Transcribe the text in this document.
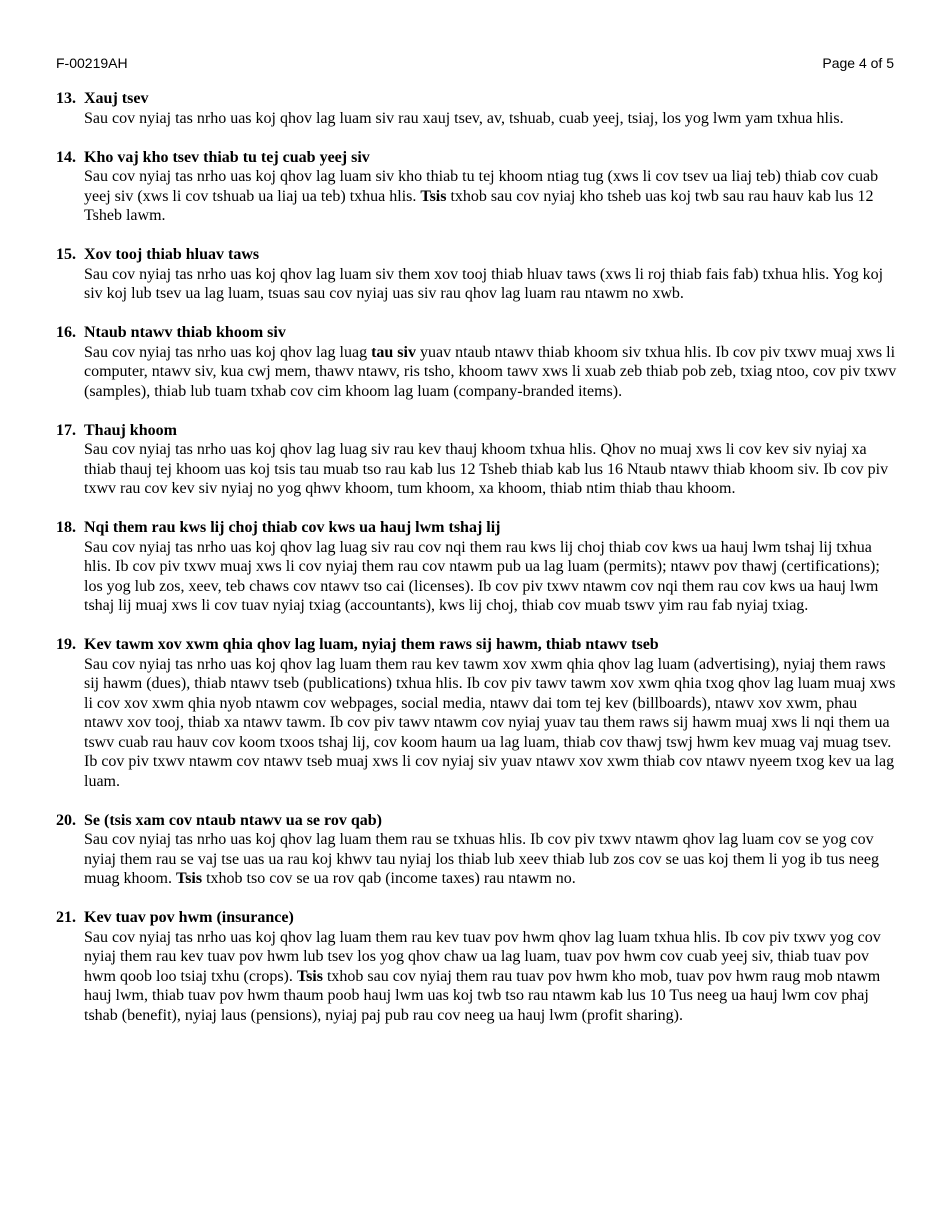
F-00219AH	Page 4 of 5
13. Xauj tsev

Sau cov nyiaj tas nrho uas koj qhov lag luam siv rau xauj tsev, av, tshuab, cuab yeej, tsiaj, los yog lwm yam txhua hlis.

14. Kho vaj kho tsev thiab tu tej cuab yeej siv

Sau cov nyiaj tas nrho uas koj qhov lag luam siv kho thiab tu tej khoom ntiag tug (xws li cov tsev ua liaj teb) thiab cov cuab yeej siv (xws li cov tshuab ua liaj ua teb) txhua hlis. Tsis txhob sau cov nyiaj kho tsheb uas koj twb sau rau hauv kab lus 12 Tsheb lawm.

15. Xov tooj thiab hluav taws

Sau cov nyiaj tas nrho uas koj qhov lag luam siv them xov tooj thiab hluav taws (xws li roj thiab fais fab) txhua hlis. Yog koj siv koj lub tsev ua lag luam, tsuas sau cov nyiaj uas siv rau qhov lag luam rau ntawm no xwb.

16. Ntaub ntawv thiab khoom siv

Sau cov nyiaj tas nrho uas koj qhov lag luag tau siv yuav ntaub ntawv thiab khoom siv txhua hlis. Ib cov piv txwv muaj xws li computer, ntawv siv, kua cwj mem, thawv ntawv, ris tsho, khoom tawv xws li xuab zeb thiab pob zeb, txiag ntoo, cov piv txwv (samples), thiab lub tuam txhab cov cim khoom lag luam (company-branded items).

17. Thauj khoom

Sau cov nyiaj tas nrho uas koj qhov lag luag siv rau kev thauj khoom txhua hlis. Qhov no muaj xws li cov kev siv nyiaj xa thiab thauj tej khoom uas koj tsis tau muab tso rau kab lus 12 Tsheb thiab kab lus 16 Ntaub ntawv thiab khoom siv. Ib cov piv txwv rau cov kev siv nyiaj no yog qhwv khoom, tum khoom, xa khoom, thiab ntim thiab thau khoom.

18. Nqi them rau kws lij choj thiab cov kws ua hauj lwm tshaj lij

Sau cov nyiaj tas nrho uas koj qhov lag luag siv rau cov nqi them rau kws lij choj thiab cov kws ua hauj lwm tshaj lij txhua hlis. Ib cov piv txwv muaj xws li cov nyiaj them rau cov ntawm pub ua lag luam (permits); ntawv pov thawj (certifications); los yog lub zos, xeev, teb chaws cov ntawv tso cai (licenses). Ib cov piv txwv ntawm cov nqi them rau cov kws ua hauj lwm tshaj lij muaj xws li cov tuav nyiaj txiag (accountants), kws lij choj, thiab cov muab tswv yim rau fab nyiaj txiag.

19. Kev tawm xov xwm qhia qhov lag luam, nyiaj them raws sij hawm, thiab ntawv tseb

Sau cov nyiaj tas nrho uas koj qhov lag luam them rau kev tawm xov xwm qhia qhov lag luam (advertising), nyiaj them raws sij hawm (dues), thiab ntawv tseb (publications) txhua hlis. Ib cov piv tawv tawm xov xwm qhia txog qhov lag luam muaj xws li cov xov xwm qhia nyob ntawm cov webpages, social media, ntawv dai tom tej kev (billboards), ntawv xov xwm, phau ntawv xov tooj, thiab xa ntawv tawm. Ib cov piv tawv ntawm cov nyiaj yuav tau them raws sij hawm muaj xws li nqi them ua tswv cuab rau hauv cov koom txoos tshaj lij, cov koom haum ua lag luam, thiab cov thawj tswj hwm kev muag vaj muag tsev. Ib cov piv txwv ntawm cov ntawv tseb muaj xws li cov nyiaj siv yuav ntawv xov xwm thiab cov ntawv nyeem txog kev ua lag luam.

20. Se (tsis xam cov ntaub ntawv ua se rov qab)

Sau cov nyiaj tas nrho uas koj qhov lag luam them rau se txhuas hlis. Ib cov piv txwv ntawm qhov lag luam cov se yog cov nyiaj them rau se vaj tse uas ua rau koj khwv tau nyiaj los thiab lub xeev thiab lub zos cov se uas koj them li yog ib tus neeg muag khoom. Tsis txhob tso cov se ua rov qab (income taxes) rau ntawm no.

21. Kev tuav pov hwm (insurance)

Sau cov nyiaj tas nrho uas koj qhov lag luam them rau kev tuav pov hwm qhov lag luam txhua hlis. Ib cov piv txwv yog cov nyiaj them rau kev tuav pov hwm lub tsev los yog qhov chaw ua lag luam, tuav pov hwm cov cuab yeej siv, thiab tuav pov hwm qoob loo tsiaj txhu (crops). Tsis txhob sau cov nyiaj them rau tuav pov hwm kho mob, tuav pov hwm raug mob ntawm hauj lwm, thiab tuav pov hwm thaum poob hauj lwm uas koj twb tso rau ntawm kab lus 10 Tus neeg ua hauj lwm cov phaj tshab (benefit), nyiaj laus (pensions), nyiaj paj pub rau cov neeg ua hauj lwm (profit sharing).
